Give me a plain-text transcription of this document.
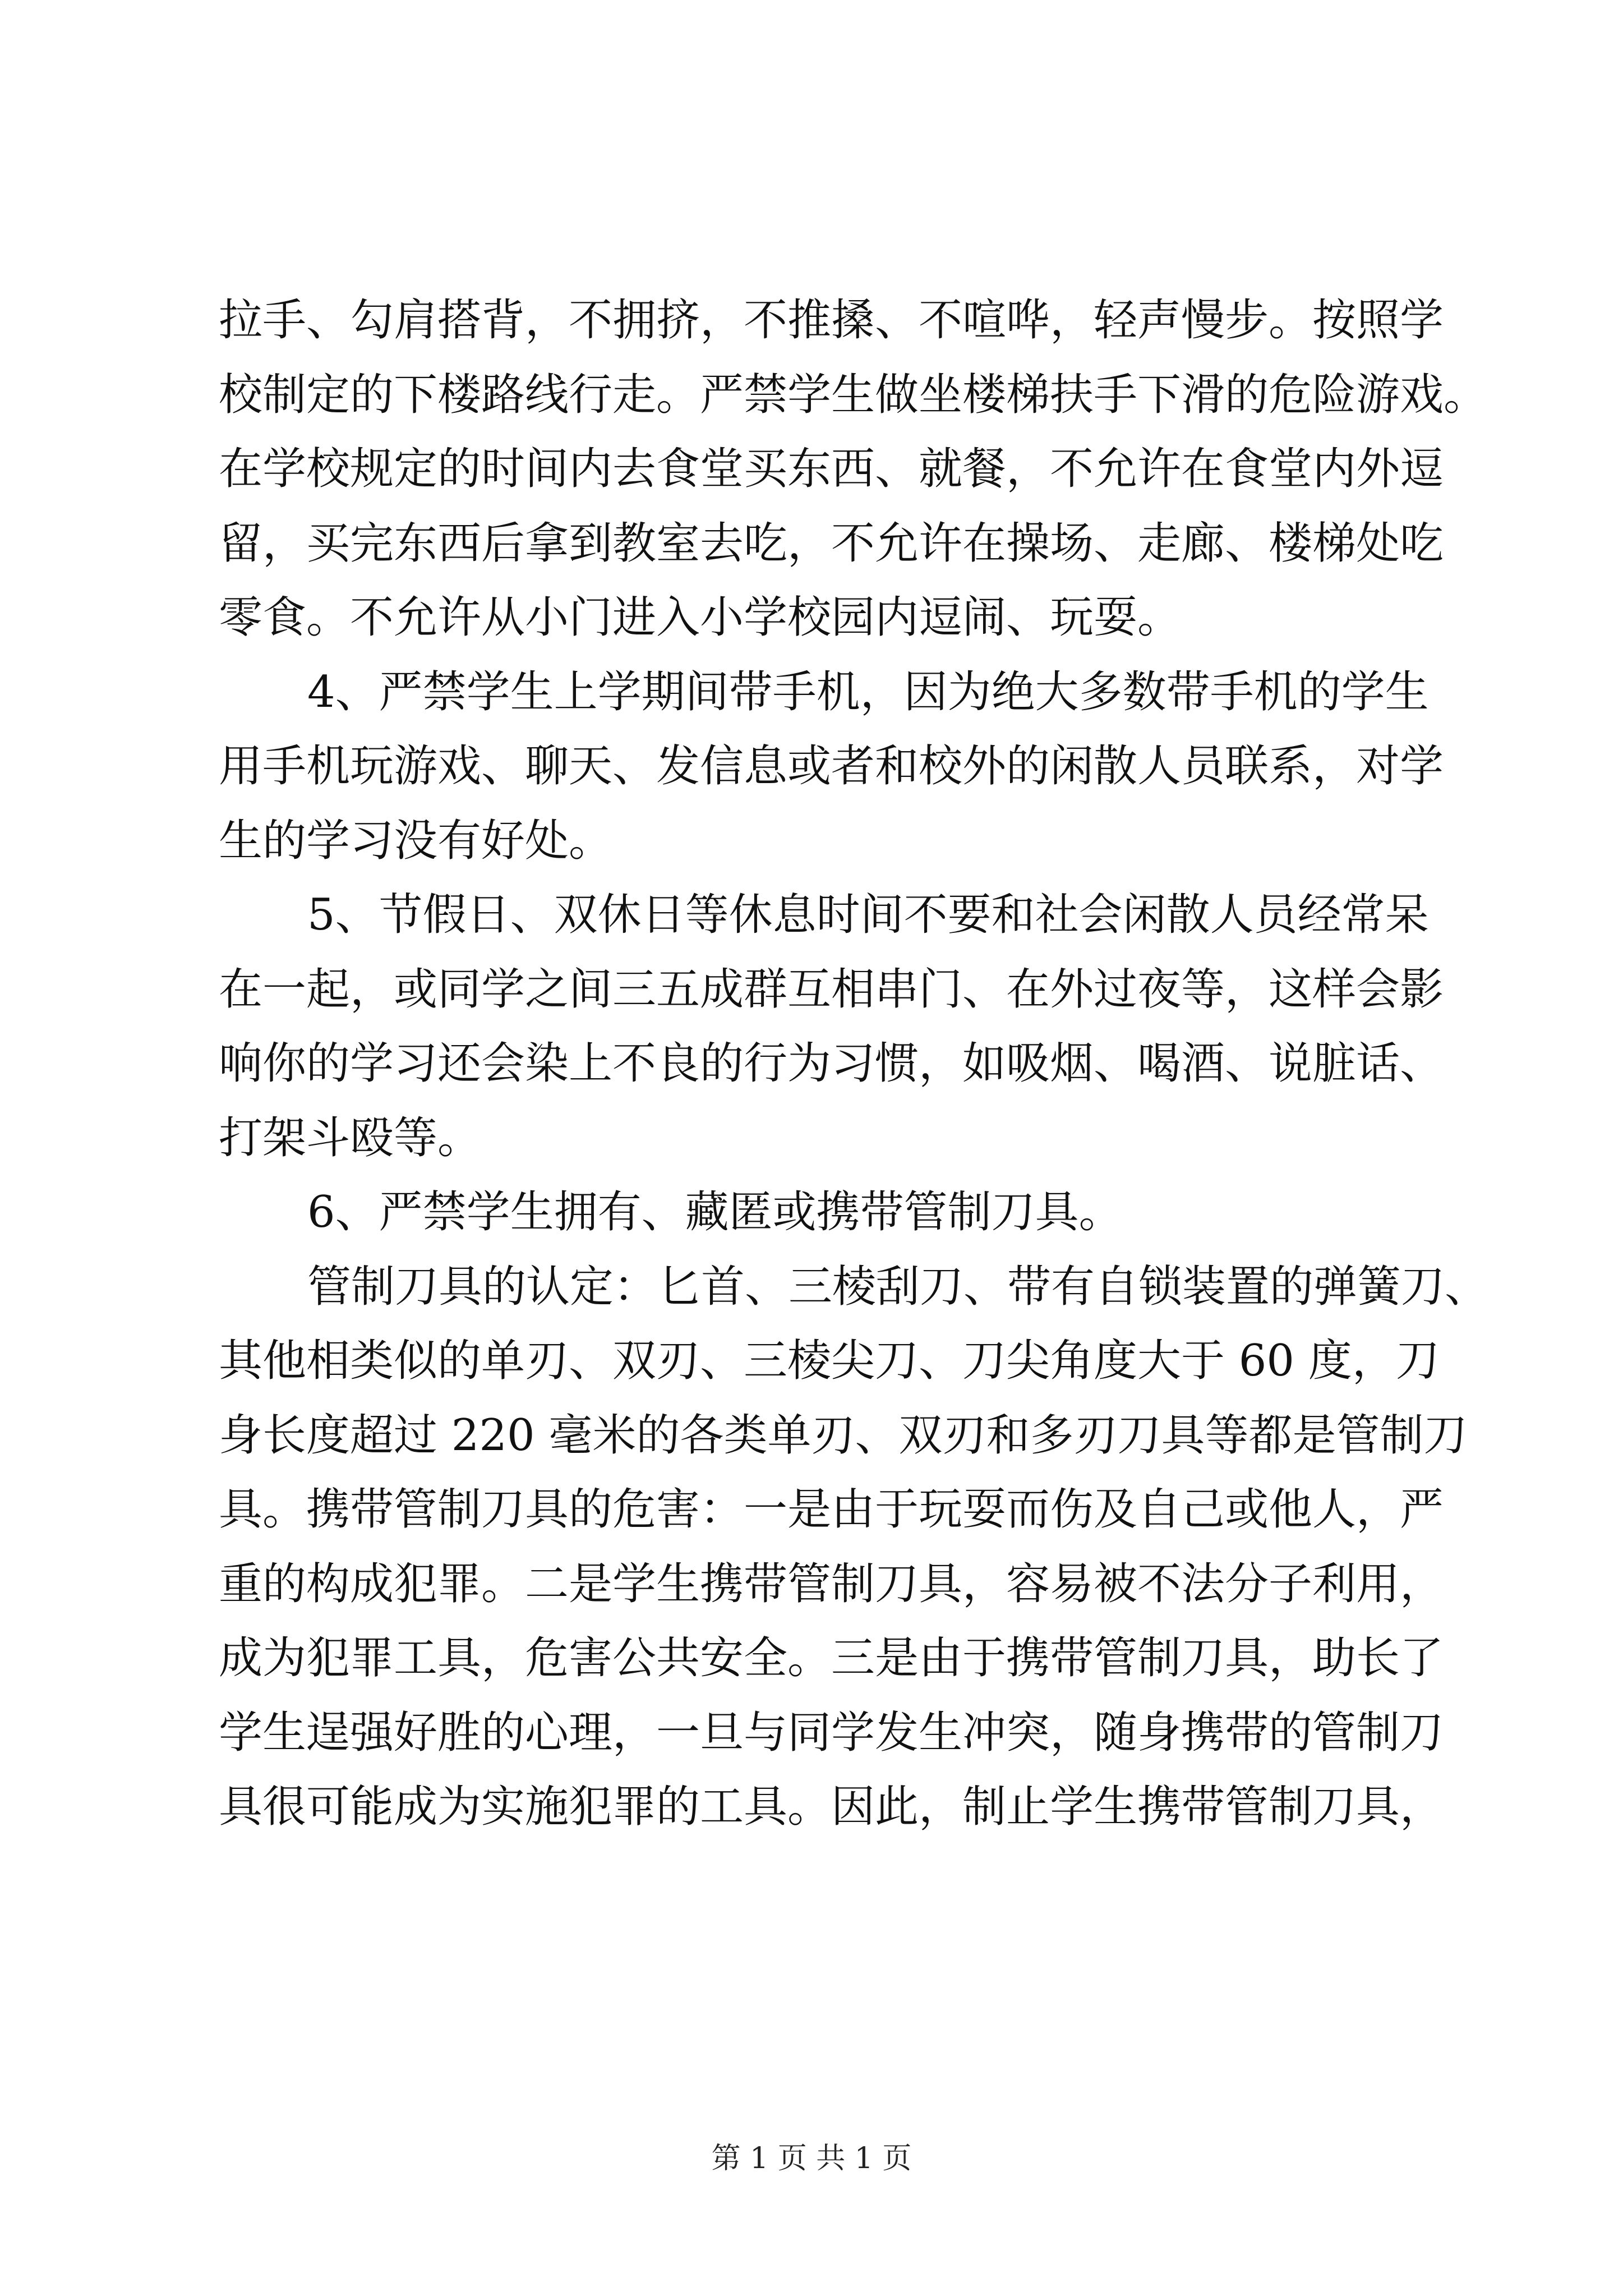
拉手、勾肩搭背，不拥挤，不推搡、不喧哗，轻声慢步。按照学
校制定的下楼路线行走。严禁学生做坐楼梯扶手下滑的危险游戏。
在学校规定的时间内去食堂买东西、就餐，不允许在食堂内外逗
留，买完东西后拿到教室去吃，不允许在操场、走廊、楼梯处吃
零食。不允许从小门进入小学校园内逗闹、玩耍。
4、严禁学生上学期间带手机，因为绝大多数带手机的学生
用手机玩游戏、聊天、发信息或者和校外的闲散人员联系，对学
生的学习没有好处。
5、节假日、双休日等休息时间不要和社会闲散人员经常呆
在一起，或同学之间三五成群互相串门、在外过夜等，这样会影
响你的学习还会染上不良的行为习惯，如吸烟、喝酒、说脏话、
打架斗殴等。
6、严禁学生拥有、藏匿或携带管制刀具。
管制刀具的认定：匕首、三棱刮刀、带有自锁装置的弹簧刀、
其他相类似的单刃、双刃、三棱尖刀、刀尖角度大于 60 度，刀
身长度超过 220 毫米的各类单刃、双刃和多刃刀具等都是管制刀
具。携带管制刀具的危害：一是由于玩耍而伤及自己或他人，严
重的构成犯罪。二是学生携带管制刀具，容易被不法分子利用，
成为犯罪工具，危害公共安全。三是由于携带管制刀具，助长了
学生逞强好胜的心理，一旦与同学发生冲突，随身携带的管制刀
具很可能成为实施犯罪的工具。因此，制止学生携带管制刀具，
第 1 页 共 1 页
